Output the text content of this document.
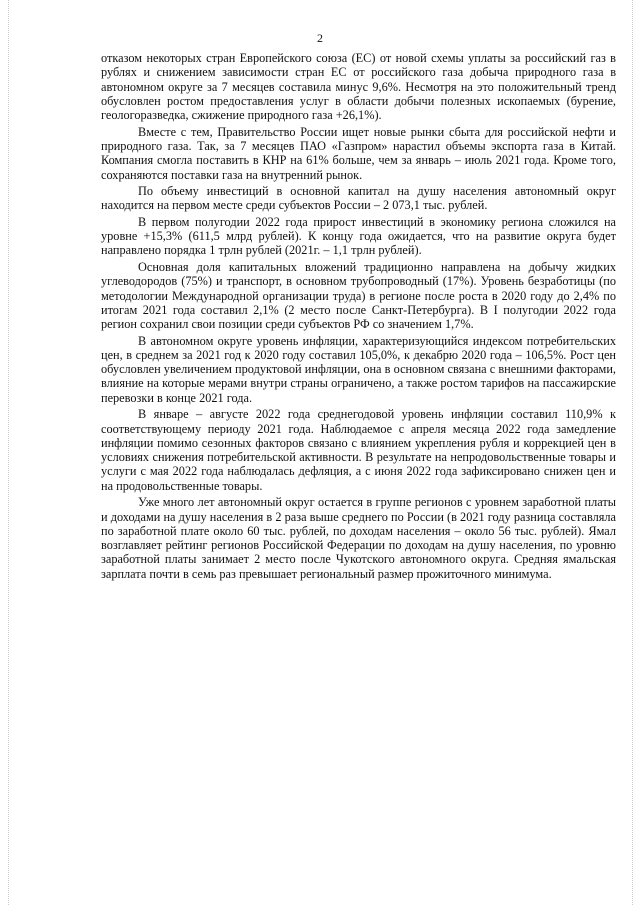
2

отказом некоторых стран Европейского союза (ЕС) от новой схемы уплаты за российский газ в рублях и снижением зависимости стран ЕС от российского газа добыча природного газа в автономном округе за 7 месяцев составила минус 9,6%. Несмотря на это положительный тренд обусловлен ростом предоставления услуг в области добычи полезных ископаемых (бурение, геологоразведка, сжижение природного газа +26,1%).

Вместе с тем, Правительство России ищет новые рынки сбыта для российской нефти и природного газа. Так, за 7 месяцев ПАО «Газпром» нарастил объемы экспорта газа в Китай. Компания смогла поставить в КНР на 61% больше, чем за январь – июль 2021 года. Кроме того, сохраняются поставки газа на внутренний рынок.

По объему инвестиций в основной капитал на душу населения автономный округ находится на первом месте среди субъектов России – 2 073,1 тыс. рублей.

В первом полугодии 2022 года прирост инвестиций в экономику региона сложился на уровне +15,3% (611,5 млрд рублей). К концу года ожидается, что на развитие округа будет направлено порядка 1 трлн рублей (2021г. – 1,1 трлн рублей).

Основная доля капитальных вложений традиционно направлена на добычу жидких углеводородов (75%) и транспорт, в основном трубопроводный (17%). Уровень безработицы (по методологии Международной организации труда) в регионе после роста в 2020 году до 2,4% по итогам 2021 года составил 2,1% (2 место после Санкт-Петербурга). В I полугодии 2022 года регион сохранил свои позиции среди субъектов РФ со значением 1,7%.

В автономном округе уровень инфляции, характеризующийся индексом потребительских цен, в среднем за 2021 год к 2020 году составил 105,0%, к декабрю 2020 года – 106,5%. Рост цен обусловлен увеличением продуктовой инфляции, она в основном связана с внешними факторами, влияние на которые мерами внутри страны ограничено, а также ростом тарифов на пассажирские перевозки в конце 2021 года.

В январе – августе 2022 года среднегодовой уровень инфляции составил 110,9% к соответствующему периоду 2021 года. Наблюдаемое с апреля месяца 2022 года замедление инфляции помимо сезонных факторов связано с влиянием укрепления рубля и коррекцией цен в условиях снижения потребительской активности. В результате на непродовольственные товары и услуги с мая 2022 года наблюдалась дефляция, а с июня 2022 года зафиксировано снижен цен и на продовольственные товары.

Уже много лет автономный округ остается в группе регионов с уровнем заработной платы и доходами на душу населения в 2 раза выше среднего по России (в 2021 году разница составляла по заработной плате около 60 тыс. рублей, по доходам населения – около 56 тыс. рублей). Ямал возглавляет рейтинг регионов Российской Федерации по доходам на душу населения, по уровню заработной платы занимает 2 место после Чукотского автономного округа. Средняя ямальская зарплата почти в семь раз превышает региональный размер прожиточного минимума.
